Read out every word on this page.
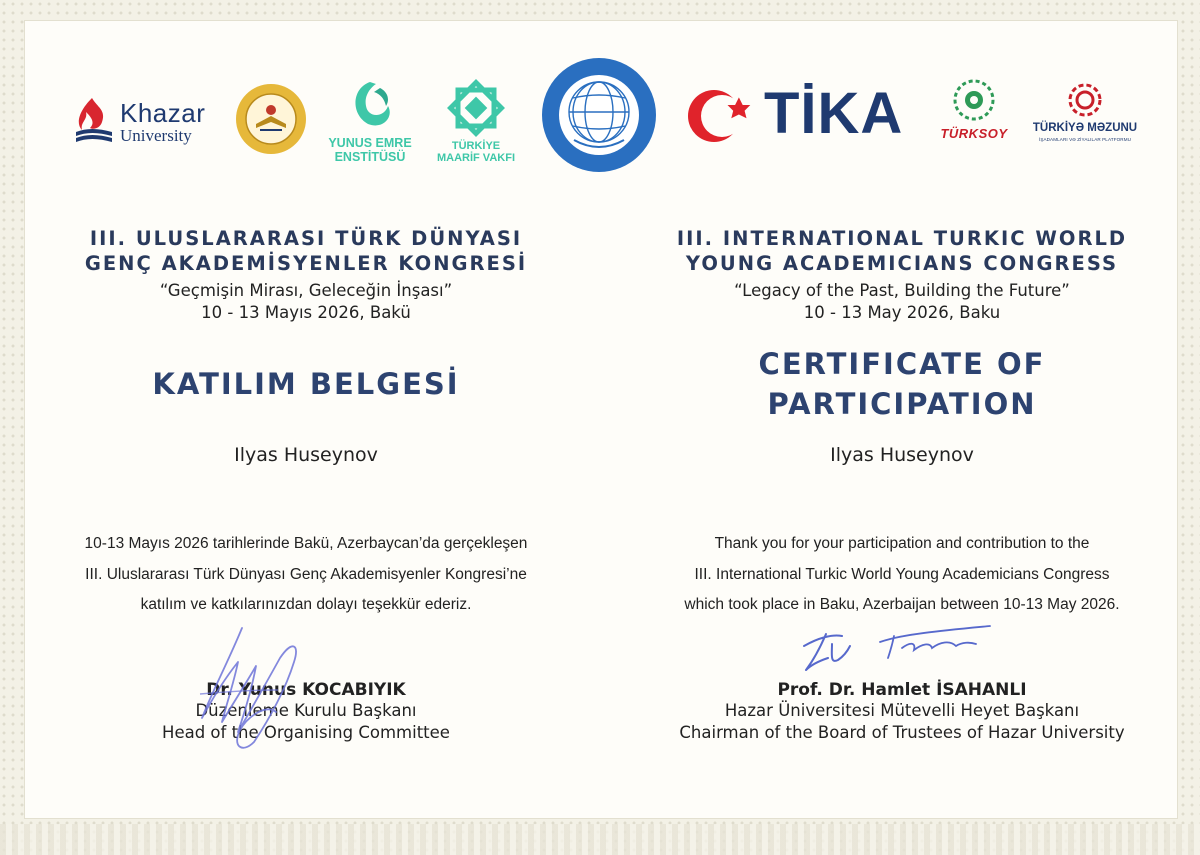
Khazar
University	YUNUS EMRE
ENSTİTÜSÜ
TÜRKİYE
MAARİF VAKFI
TİKA	TÜRKSOY	TÜRKİYƏ MƏZUNU
İŞADAMLARI VƏ ZİYALILAR PLATFORMU
III. ULUSLARARASI TÜRK DÜNYASI
GENÇ AKADEMİSYENLER KONGRESİ
“Geçmişin Mirası, Geleceğin İnşası”
10 - 13 Mayıs 2026, Bakü
KATILIM BELGESİ
Ilyas Huseynov
10-13 Mayıs 2026 tarihlerinde Bakü, Azerbaycan’da gerçekleşen
III. Uluslararası Türk Dünyası Genç Akademisyenler Kongresi’ne
katılım ve katkılarınızdan dolayı teşekkür ederiz.
Dr. Yunus KOCABIYIK
Düzenleme Kurulu Başkanı
Head of the Organising Committee
III. INTERNATIONAL TURKIC WORLD
YOUNG ACADEMICIANS CONGRESS
“Legacy of the Past, Building the Future”
10 - 13 May 2026, Baku
CERTIFICATE OF
PARTICIPATION
Ilyas Huseynov
Thank you for your participation and contribution to the
III. International Turkic World Young Academicians Congress
which took place in Baku, Azerbaijan between 10-13 May 2026.
Prof. Dr. Hamlet İSAHANLI
Hazar Üniversitesi Mütevelli Heyet Başkanı
Chairman of the Board of Trustees of Hazar University
